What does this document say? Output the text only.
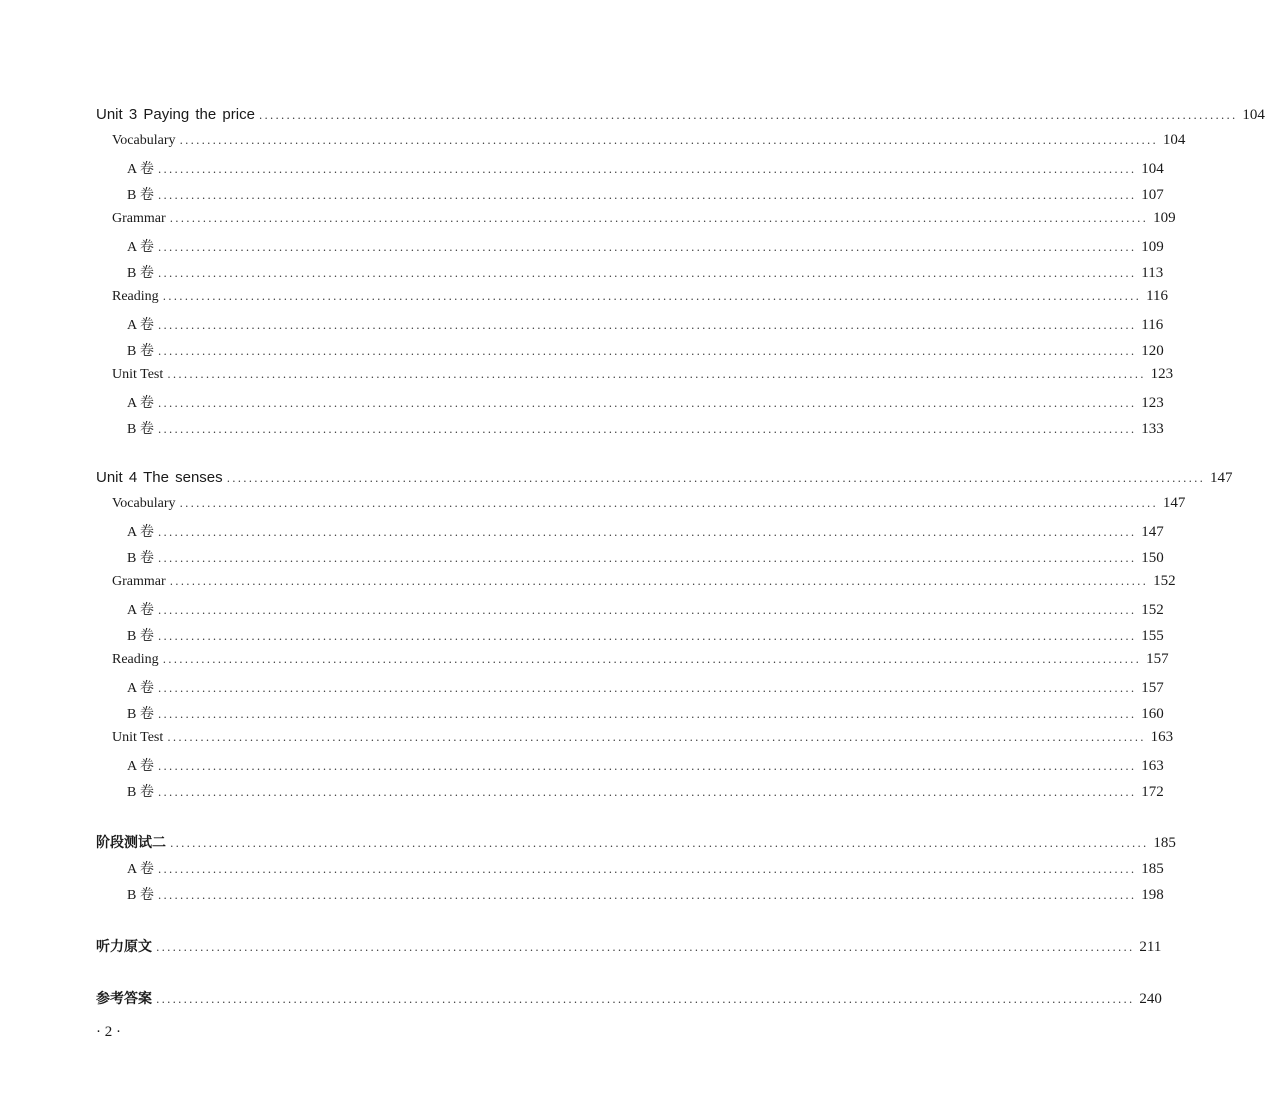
Unit 3 Paying the price .................................................................................................................................................................................. 104
Vocabulary .................................................................................................................................................................................. 104
A 卷 .................................................................................................................................................................................. 104
B 卷 .................................................................................................................................................................................. 107
Grammar .................................................................................................................................................................................. 109
A 卷 .................................................................................................................................................................................. 109
B 卷 .................................................................................................................................................................................. 113
Reading .................................................................................................................................................................................. 116
A 卷 .................................................................................................................................................................................. 116
B 卷 .................................................................................................................................................................................. 120
Unit Test .................................................................................................................................................................................. 123
A 卷 .................................................................................................................................................................................. 123
B 卷 .................................................................................................................................................................................. 133
Unit 4 The senses .................................................................................................................................................................................. 147
Vocabulary .................................................................................................................................................................................. 147
A 卷 .................................................................................................................................................................................. 147
B 卷 .................................................................................................................................................................................. 150
Grammar .................................................................................................................................................................................. 152
A 卷 .................................................................................................................................................................................. 152
B 卷 .................................................................................................................................................................................. 155
Reading .................................................................................................................................................................................. 157
A 卷 .................................................................................................................................................................................. 157
B 卷 .................................................................................................................................................................................. 160
Unit Test .................................................................................................................................................................................. 163
A 卷 .................................................................................................................................................................................. 163
B 卷 .................................................................................................................................................................................. 172
阶段测试二 .................................................................................................................................................................................. 185
A 卷 .................................................................................................................................................................................. 185
B 卷 .................................................................................................................................................................................. 198
听力原文 .................................................................................................................................................................................. 211
参考答案 .................................................................................................................................................................................. 240
· 2 ·
